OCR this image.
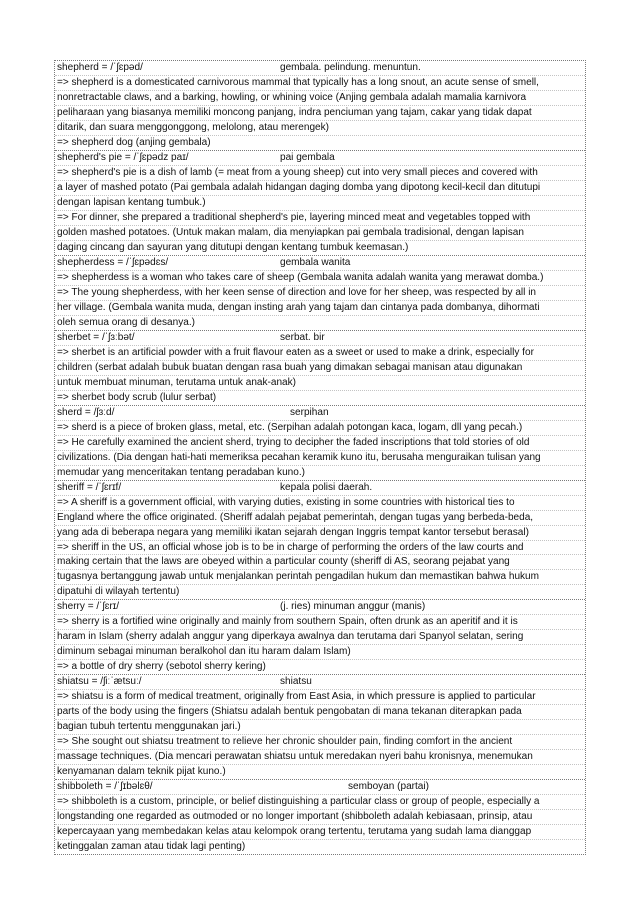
shepherd = /ˈʃɛpəd/	gembala. pelindung. menuntun.
=> shepherd is a domesticated carnivorous mammal that typically has a long snout, an acute sense of smell,
nonretractable claws, and a barking, howling, or whining voice (Anjing gembala adalah mamalia karnivora
peliharaan yang biasanya memiliki moncong panjang, indra penciuman yang tajam, cakar yang tidak dapat
ditarik, dan suara menggonggong, melolong, atau merengek)
=> shepherd dog (anjing gembala)
shepherd's pie = /ˈʃɛpədz paɪ/	pai gembala
=> shepherd's pie is a dish of lamb (= meat from a young sheep) cut into very small pieces and covered with
a layer of mashed potato (Pai gembala adalah hidangan daging domba yang dipotong kecil-kecil dan ditutupi
dengan lapisan kentang tumbuk.)
=> For dinner, she prepared a traditional shepherd's pie, layering minced meat and vegetables topped with
golden mashed potatoes. (Untuk makan malam, dia menyiapkan pai gembala tradisional, dengan lapisan
daging cincang dan sayuran yang ditutupi dengan kentang tumbuk keemasan.)
shepherdess = /ˈʃɛpədɛs/	gembala wanita
=> shepherdess is a woman who takes care of sheep (Gembala wanita adalah wanita yang merawat domba.)
=> The young shepherdess, with her keen sense of direction and love for her sheep, was respected by all in
her village. (Gembala wanita muda, dengan insting arah yang tajam dan cintanya pada dombanya, dihormati
oleh semua orang di desanya.)
sherbet = /ˈʃɜːbət/	serbat. bir
=> sherbet is an artificial powder with a fruit flavour eaten as a sweet or used to make a drink, especially for
children (serbat adalah bubuk buatan dengan rasa buah yang dimakan sebagai manisan atau digunakan
untuk membuat minuman, terutama untuk anak-anak)
=> sherbet body scrub (lulur serbat)
sherd = /ʃɜːd/	serpihan
=> sherd is a piece of broken glass, metal, etc. (Serpihan adalah potongan kaca, logam, dll yang pecah.)
=> He carefully examined the ancient sherd, trying to decipher the faded inscriptions that told stories of old
civilizations. (Dia dengan hati-hati memeriksa pecahan keramik kuno itu, berusaha menguraikan tulisan yang
memudar yang menceritakan tentang peradaban kuno.)
sheriff = /ˈʃɛrɪf/	kepala polisi daerah.
=> A sheriff is a government official, with varying duties, existing in some countries with historical ties to
England where the office originated. (Sheriff adalah pejabat pemerintah, dengan tugas yang berbeda-beda,
yang ada di beberapa negara yang memiliki ikatan sejarah dengan Inggris tempat kantor tersebut berasal)
=> sheriff in the US, an official whose job is to be in charge of performing the orders of the law courts and
making certain that the laws are obeyed within a particular county (sheriff di AS, seorang pejabat yang
tugasnya bertanggung jawab untuk menjalankan perintah pengadilan hukum dan memastikan bahwa hukum
dipatuhi di wilayah tertentu)
sherry = /ˈʃɛrɪ/	(j. ries) minuman anggur (manis)
=> sherry is a fortified wine originally and mainly from southern Spain, often drunk as an aperitif and it is
haram in Islam (sherry adalah anggur yang diperkaya awalnya dan terutama dari Spanyol selatan, sering
diminum sebagai minuman beralkohol dan itu haram dalam Islam)
=> a bottle of dry sherry (sebotol sherry kering)
shiatsu = /ʃiːˈætsuː/	shiatsu
=> shiatsu is a form of medical treatment, originally from East Asia, in which pressure is applied to particular
parts of the body using the fingers (Shiatsu adalah bentuk pengobatan di mana tekanan diterapkan pada
bagian tubuh tertentu menggunakan jari.)
=> She sought out shiatsu treatment to relieve her chronic shoulder pain, finding comfort in the ancient
massage techniques. (Dia mencari perawatan shiatsu untuk meredakan nyeri bahu kronisnya, menemukan
kenyamanan dalam teknik pijat kuno.)
shibboleth = /ˈʃɪbəlɛθ/	semboyan (partai)
=> shibboleth is a custom, principle, or belief distinguishing a particular class or group of people, especially a
longstanding one regarded as outmoded or no longer important (shibboleth adalah kebiasaan, prinsip, atau
kepercayaan yang membedakan kelas atau kelompok orang tertentu, terutama yang sudah lama dianggap
ketinggalan zaman atau tidak lagi penting)
